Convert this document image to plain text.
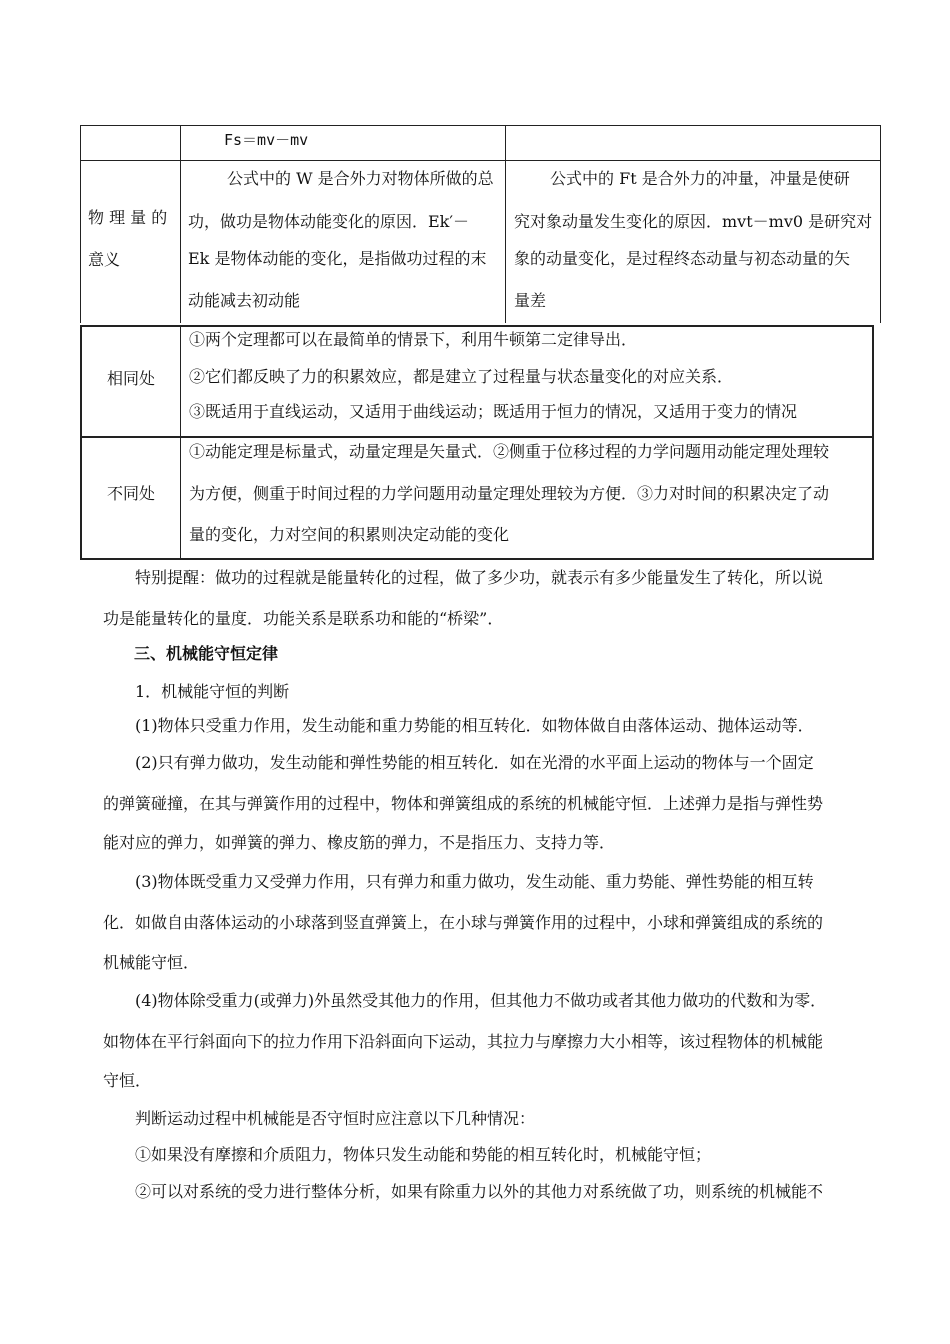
Fs＝mv－mv
物 理 量 的
意义
公式中的 W 是合外力对物体所做的总
功，做功是物体动能变化的原因．Ek′－
Ek 是物体动能的变化，是指做功过程的末
动能减去初动能
公式中的 Ft 是合外力的冲量，冲量是使研
究对象动量发生变化的原因．mvt－mv0 是研究对
象的动量变化，是过程终态动量与初态动量的矢
量差
相同处
①两个定理都可以在最简单的情景下，利用牛顿第二定律导出．
②它们都反映了力的积累效应，都是建立了过程量与状态量变化的对应关系．
③既适用于直线运动，又适用于曲线运动；既适用于恒力的情况，又适用于变力的情况
不同处
①动能定理是标量式，动量定理是矢量式．②侧重于位移过程的力学问题用动能定理处理较
为方便，侧重于时间过程的力学问题用动量定理处理较为方便．③力对时间的积累决定了动
量的变化，力对空间的积累则决定动能的变化
特别提醒：做功的过程就是能量转化的过程，做了多少功，就表示有多少能量发生了转化，所以说
功是能量转化的量度．功能关系是联系功和能的“桥梁”．
三、机械能守恒定律
1．机械能守恒的判断
(1)物体只受重力作用，发生动能和重力势能的相互转化．如物体做自由落体运动、抛体运动等．
(2)只有弹力做功，发生动能和弹性势能的相互转化．如在光滑的水平面上运动的物体与一个固定
的弹簧碰撞，在其与弹簧作用的过程中，物体和弹簧组成的系统的机械能守恒．上述弹力是指与弹性势
能对应的弹力，如弹簧的弹力、橡皮筋的弹力，不是指压力、支持力等．
(3)物体既受重力又受弹力作用，只有弹力和重力做功，发生动能、重力势能、弹性势能的相互转
化．如做自由落体运动的小球落到竖直弹簧上，在小球与弹簧作用的过程中，小球和弹簧组成的系统的
机械能守恒．
(4)物体除受重力(或弹力)外虽然受其他力的作用，但其他力不做功或者其他力做功的代数和为零．
如物体在平行斜面向下的拉力作用下沿斜面向下运动，其拉力与摩擦力大小相等，该过程物体的机械能
守恒．
判断运动过程中机械能是否守恒时应注意以下几种情况：
①如果没有摩擦和介质阻力，物体只发生动能和势能的相互转化时，机械能守恒；
②可以对系统的受力进行整体分析，如果有除重力以外的其他力对系统做了功，则系统的机械能不
